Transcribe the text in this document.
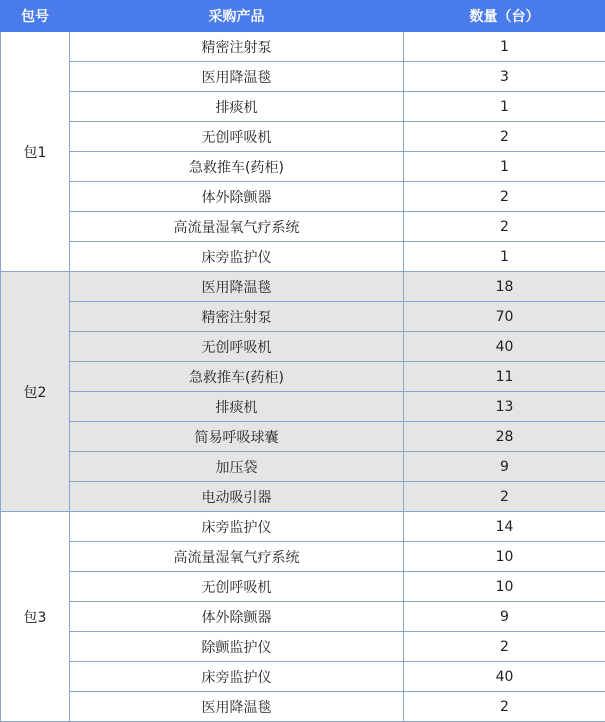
包号	采购产品	数量（台）
包1	精密注射泵	1
	医用降温毯	3
	排痰机	1
	无创呼吸机	2
	急救推车(药柜)	1
	体外除颤器	2
	高流量湿氧气疗系统	2
	床旁监护仪	1
包2	医用降温毯	18
	精密注射泵	70
	无创呼吸机	40
	急救推车(药柜)	11
	排痰机	13
	简易呼吸球囊	28
	加压袋	9
	电动吸引器	2
包3	床旁监护仪	14
	高流量湿氧气疗系统	10
	无创呼吸机	10
	体外除颤器	9
	除颤监护仪	2
	床旁监护仪	40
	医用降温毯	2
